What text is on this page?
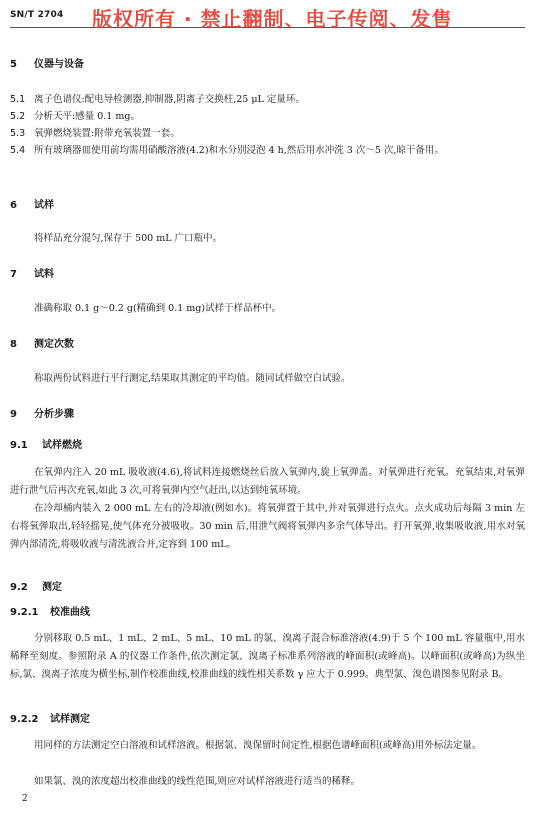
SN/T 2704 版权所有 · 禁止翻制、电子传阅、发售
5 仪器与设备
5.1 离子色谱仪:配电导检测器,抑制器,阴离子交换柱,25 μL 定量环。
5.2 分析天平:感量 0.1 mg。
5.3 氧弹燃烧装置:附带充氧装置一套。
5.4 所有玻璃器皿使用前均需用硝酸溶液(4.2)和水分别浸泡 4 h,然后用水冲洗 3 次～5 次,晾干备用。
6 试样
将样品充分混匀,保存于 500 mL 广口瓶中。
7 试料
准确称取 0.1 g～0.2 g(精确到 0.1 mg)试样于样品杯中。
8 测定次数
称取两份试料进行平行测定,结果取其测定的平均值。随同试样做空白试验。
9 分析步骤
9.1 试样燃烧
在氧弹内注入 20 mL 吸收液(4.6),将试料连接燃烧丝后放入氧弹内,旋上氧弹盖。对氧弹进行充氧。充氧结束,对氧弹进行泄气后再次充氧,如此 3 次,可将氧弹内空气赶出,以达到纯氧环境。
在冷却桶内装入 2 000 mL 左右的冷却液(例如水)。将氧弹置于其中,并对氧弹进行点火。点火成功后每隔 3 min 左右将氧弹取出,轻轻摇晃,使气体充分被吸收。30 min 后,用泄气阀将氧弹内多余气体导出。打开氧弹,收集吸收液,用水对氧弹内部清洗,将吸收液与清洗液合并,定容到 100 mL。
9.2 测定
9.2.1 校准曲线
分别移取 0.5 mL、1 mL、2 mL、5 mL、10 mL 的氯、溴离子混合标准溶液(4.9)于 5 个 100 mL 容量瓶中,用水稀释至刻度。参照附录 A 的仪器工作条件,依次测定氯、溴离子标准系列溶液的峰面积(或峰高)。以峰面积(或峰高)为纵坐标,氯、溴离子浓度为横坐标,制作校准曲线,校准曲线的线性相关系数 γ 应大于 0.999。典型氯、溴色谱图参见附录 B。
9.2.2 试样测定
用同样的方法测定空白溶液和试样溶液。根据氯、溴保留时间定性,根据色谱峰面积(或峰高)用外标法定量。
如果氯、溴的浓度超出校准曲线的线性范围,则应对试样溶液进行适当的稀释。
2
